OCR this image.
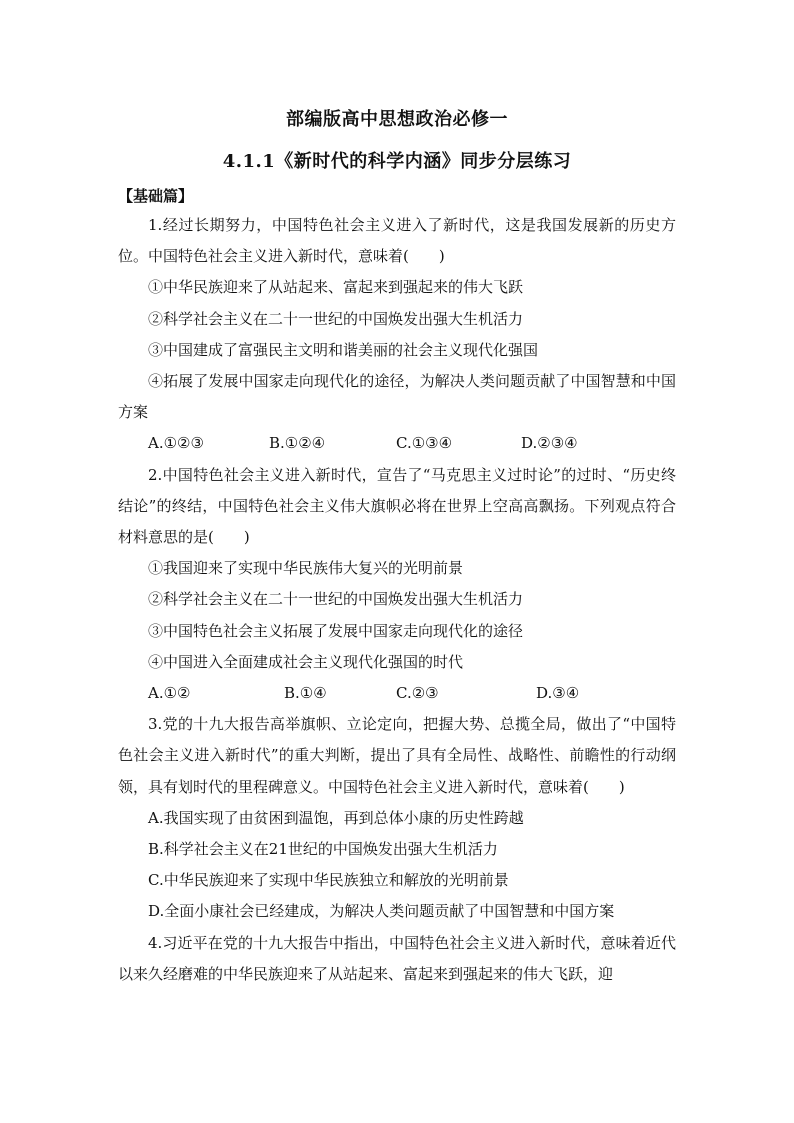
部编版高中思想政治必修一
4.1.1《新时代的科学内涵》同步分层练习
【基础篇】

1.经过长期努力，中国特色社会主义进入了新时代，这是我国发展新的历史方位。中国特色社会主义进入新时代，意味着(　　)

①中华民族迎来了从站起来、富起来到强起来的伟大飞跃

②科学社会主义在二十一世纪的中国焕发出强大生机活力

③中国建成了富强民主文明和谐美丽的社会主义现代化强国

④拓展了发展中国家走向现代化的途径，为解决人类问题贡献了中国智慧和中国方案

A.①②③	B.①②④	C.①③④	D.②③④

2.中国特色社会主义进入新时代，宣告了“马克思主义过时论”的过时、“历史终结论”的终结，中国特色社会主义伟大旗帜必将在世界上空高高飘扬。下列观点符合材料意思的是(　　)

①我国迎来了实现中华民族伟大复兴的光明前景

②科学社会主义在二十一世纪的中国焕发出强大生机活力

③中国特色社会主义拓展了发展中国家走向现代化的途径

④中国进入全面建成社会主义现代化强国的时代

A.①②	B.①④	C.②③	D.③④

3.党的十九大报告高举旗帜、立论定向，把握大势、总揽全局，做出了“中国特色社会主义进入新时代”的重大判断，提出了具有全局性、战略性、前瞻性的行动纲领，具有划时代的里程碑意义。中国特色社会主义进入新时代，意味着(　　)

A.我国实现了由贫困到温饱，再到总体小康的历史性跨越

B.科学社会主义在21世纪的中国焕发出强大生机活力

C.中华民族迎来了实现中华民族独立和解放的光明前景

D.全面小康社会已经建成，为解决人类问题贡献了中国智慧和中国方案

4.习近平在党的十九大报告中指出，中国特色社会主义进入新时代，意味着近代以来久经磨难的中华民族迎来了从站起来、富起来到强起来的伟大飞跃，迎
